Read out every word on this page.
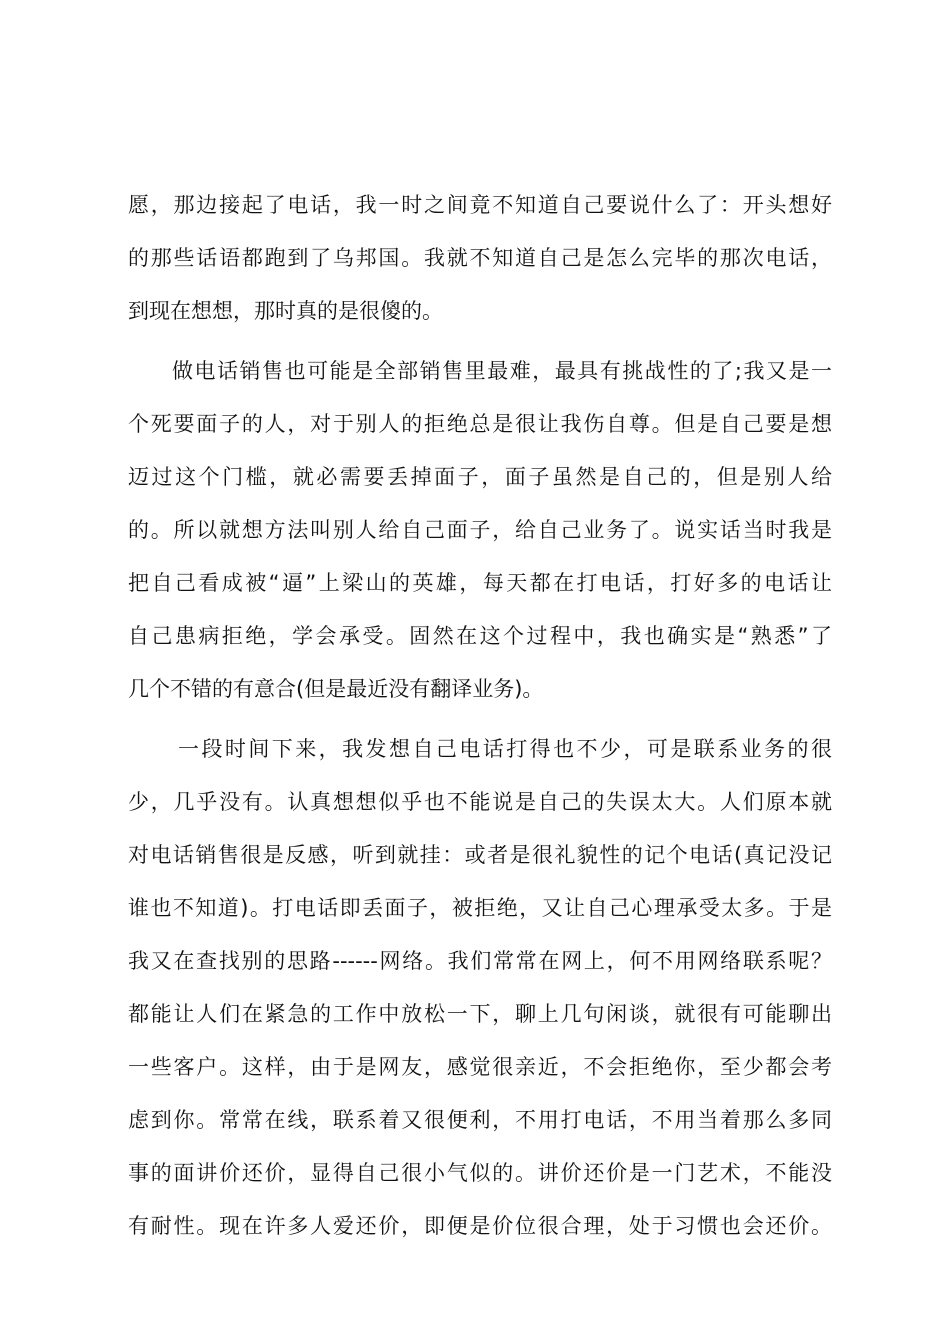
愿，那边接起了电话，我一时之间竟不知道自己要说什么了：开头想好
的那些话语都跑到了乌邦国。我就不知道自己是怎么完毕的那次电话，
到现在想想，那时真的是很傻的。
做电话销售也可能是全部销售里最难，最具有挑战性的了;我又是一
个死要面子的人，对于别人的拒绝总是很让我伤自尊。但是自己要是想
迈过这个门槛，就必需要丢掉面子，面子虽然是自己的，但是别人给
的。所以就想方法叫别人给自己面子，给自己业务了。说实话当时我是
把自己看成被“逼”上梁山的英雄，每天都在打电话，打好多的电话让
自己患病拒绝，学会承受。固然在这个过程中，我也确实是“熟悉”了
几个不错的有意合(但是最近没有翻译业务)。
一段时间下来，我发想自己电话打得也不少，可是联系业务的很
少，几乎没有。认真想想似乎也不能说是自己的失误太大。人们原本就
对电话销售很是反感，听到就挂：或者是很礼貌性的记个电话(真记没记
谁也不知道)。打电话即丢面子，被拒绝，又让自己心理承受太多。于是
我又在查找别的思路------网络。我们常常在网上，何不用网络联系呢？
都能让人们在紧急的工作中放松一下，聊上几句闲谈，就很有可能聊出
一些客户。这样，由于是网友，感觉很亲近，不会拒绝你，至少都会考
虑到你。常常在线，联系着又很便利，不用打电话，不用当着那么多同
事的面讲价还价，显得自己很小气似的。讲价还价是一门艺术，不能没
有耐性。现在许多人爱还价，即便是价位很合理，处于习惯也会还价。
